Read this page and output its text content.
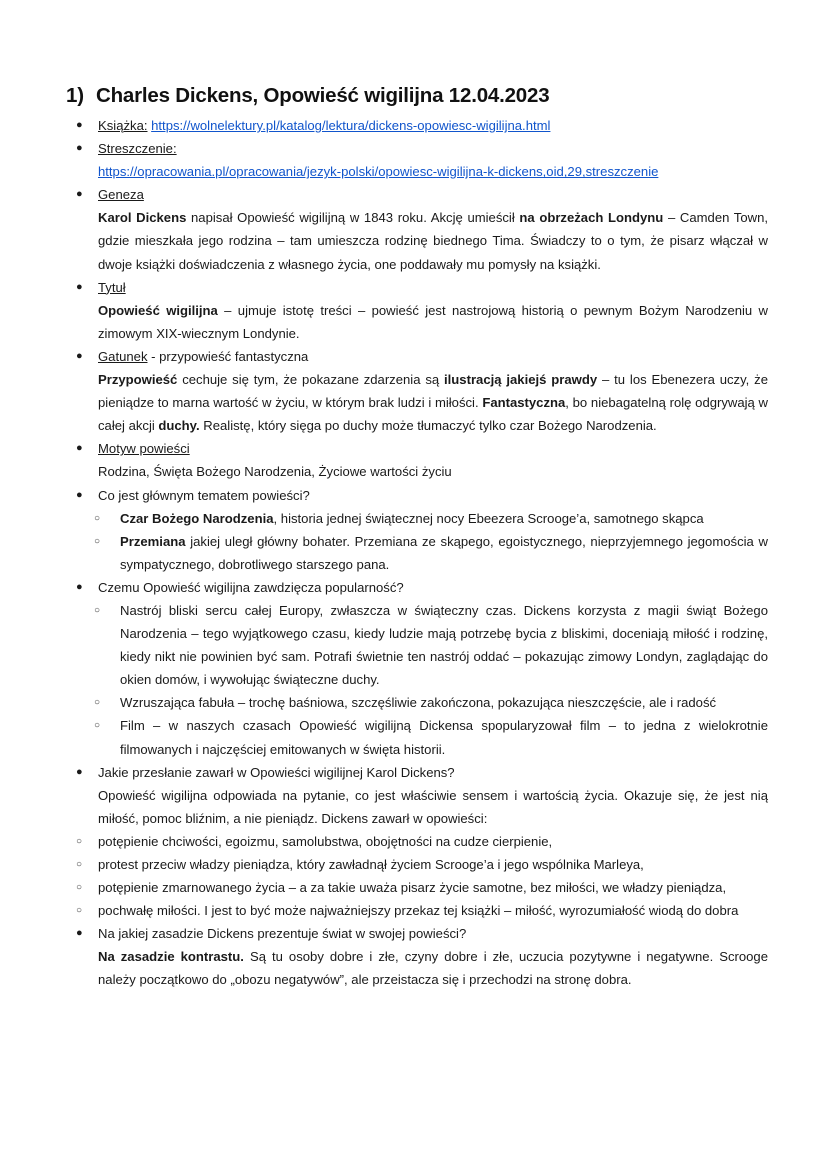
1) Charles Dickens, Opowieść wigilijna 12.04.2023
●	Książka: https://wolnelektury.pl/katalog/lektura/dickens-opowiesc-wigilijna.html
●	Streszczenie:
https://opracowania.pl/opracowania/jezyk-polski/opowiesc-wigilijna-k-dickens,oid,29,streszczenie
●	Geneza
Karol Dickens napisał Opowieść wigilijną w 1843 roku. Akcję umieścił na obrzeżach Londynu – Camden Town, gdzie mieszkała jego rodzina – tam umieszcza rodzinę biednego Tima. Świadczy to o tym, że pisarz włączał w dwoje książki doświadczenia z własnego życia, one poddawały mu pomysły na książki.
●	Tytuł
Opowieść wigilijna – ujmuje istotę treści – powieść jest nastrojową historią o pewnym Bożym Narodzeniu w zimowym XIX-wiecznym Londynie.
●	Gatunek - przypowieść fantastyczna
Przypowieść cechuje się tym, że pokazane zdarzenia są ilustracją jakiejś prawdy – tu los Ebenezera uczy, że pieniądze to marna wartość w życiu, w którym brak ludzi i miłości. Fantastyczna, bo niebagatelną rolę odgrywają w całej akcji duchy. Realistę, który sięga po duchy może tłumaczyć tylko czar Bożego Narodzenia.
●	Motyw powieści
Rodzina, Święta Bożego Narodzenia, Życiowe wartości życiu
●	Co jest głównym tematem powieści?
○	Czar Bożego Narodzenia, historia jednej świątecznej nocy Ebeezera Scrooge’a, samotnego skąpca
○	Przemiana jakiej uległ główny bohater. Przemiana ze skąpego, egoistycznego, nieprzyjemnego jegomościa w sympatycznego, dobrotliwego starszego pana.
●	Czemu Opowieść wigilijna zawdzięcza popularność?
○	Nastrój bliski sercu całej Europy, zwłaszcza w świąteczny czas. Dickens korzysta z magii świąt Bożego Narodzenia – tego wyjątkowego czasu, kiedy ludzie mają potrzebę bycia z bliskimi, doceniają miłość i rodzinę, kiedy nikt nie powinien być sam. Potrafi świetnie ten nastrój oddać – pokazując zimowy Londyn, zaglądając do okien domów, i wywołując świąteczne duchy.
○	Wzruszająca fabuła – trochę baśniowa, szczęśliwie zakończona, pokazująca nieszczęście, ale i radość
○	Film – w naszych czasach Opowieść wigilijną Dickensa spopularyzował film – to jedna z wielokrotnie filmowanych i najczęściej emitowanych w święta historii.
●	Jakie przesłanie zawarł w Opowieści wigilijnej Karol Dickens?
Opowieść wigilijna odpowiada na pytanie, co jest właściwie sensem i wartością życia. Okazuje się, że jest nią miłość, pomoc bliźnim, a nie pieniądz. Dickens zawarł w opowieści:
○	potępienie chciwości, egoizmu, samolubstwa, obojętności na cudze cierpienie,
○	protest przeciw władzy pieniądza, który zawładnął życiem Scrooge’a i jego wspólnika Marleya,
○	potępienie zmarnowanego życia – a za takie uważa pisarz życie samotne, bez miłości, we władzy pieniądza,
○	pochwałę miłości. I jest to być może najważniejszy przekaz tej książki – miłość, wyrozumiałość wiodą do dobra
●	Na jakiej zasadzie Dickens prezentuje świat w swojej powieści?
Na zasadzie kontrastu. Są tu osoby dobre i złe, czyny dobre i złe, uczucia pozytywne i negatywne. Scrooge należy początkowo do „obozu negatywów”, ale przeistacza się i przechodzi na stronę dobra.
